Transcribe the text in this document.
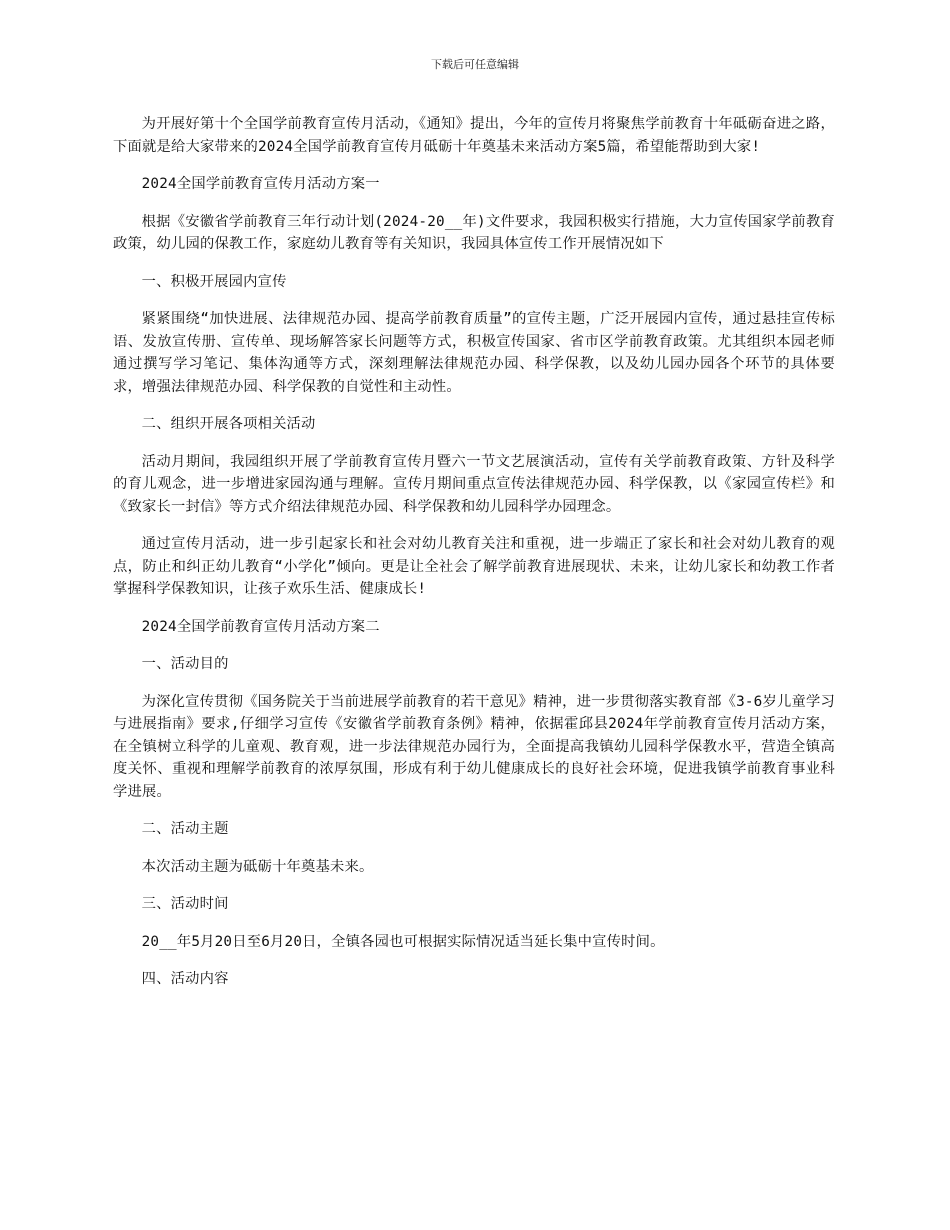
下载后可任意编辑

为开展好第十个全国学前教育宣传月活动，《通知》提出，今年的宣传月将聚焦学前教育十年砥砺奋进之路，下面就是给大家带来的2024全国学前教育宣传月砥砺十年奠基未来活动方案5篇，希望能帮助到大家!

2024全国学前教育宣传月活动方案一

根据《安徽省学前教育三年行动计划(2024-20__年)文件要求，我园积极实行措施，大力宣传国家学前教育政策，幼儿园的保教工作，家庭幼儿教育等有关知识，我园具体宣传工作开展情况如下

一、积极开展园内宣传

紧紧围绕“加快进展、法律规范办园、提高学前教育质量”的宣传主题，广泛开展园内宣传，通过悬挂宣传标语、发放宣传册、宣传单、现场解答家长问题等方式，积极宣传国家、省市区学前教育政策。尤其组织本园老师通过撰写学习笔记、集体沟通等方式，深刻理解法律规范办园、科学保教，以及幼儿园办园各个环节的具体要求，增强法律规范办园、科学保教的自觉性和主动性。

二、组织开展各项相关活动

活动月期间，我园组织开展了学前教育宣传月暨六一节文艺展演活动，宣传有关学前教育政策、方针及科学的育儿观念，进一步增进家园沟通与理解。宣传月期间重点宣传法律规范办园、科学保教，以《家园宣传栏》和《致家长一封信》等方式介绍法律规范办园、科学保教和幼儿园科学办园理念。

通过宣传月活动，进一步引起家长和社会对幼儿教育关注和重视，进一步端正了家长和社会对幼儿教育的观点，防止和纠正幼儿教育“小学化”倾向。更是让全社会了解学前教育进展现状、未来，让幼儿家长和幼教工作者掌握科学保教知识，让孩子欢乐生活、健康成长!

2024全国学前教育宣传月活动方案二

一、活动目的

为深化宣传贯彻《国务院关于当前进展学前教育的若干意见》精神，进一步贯彻落实教育部《3-6岁儿童学习与进展指南》要求,仔细学习宣传《安徽省学前教育条例》精神，依据霍邱县2024年学前教育宣传月活动方案，在全镇树立科学的儿童观、教育观，进一步法律规范办园行为，全面提高我镇幼儿园科学保教水平，营造全镇高度关怀、重视和理解学前教育的浓厚氛围，形成有利于幼儿健康成长的良好社会环境，促进我镇学前教育事业科学进展。

二、活动主题

本次活动主题为砥砺十年奠基未来。

三、活动时间

20__年5月20日至6月20日，全镇各园也可根据实际情况适当延长集中宣传时间。

四、活动内容
